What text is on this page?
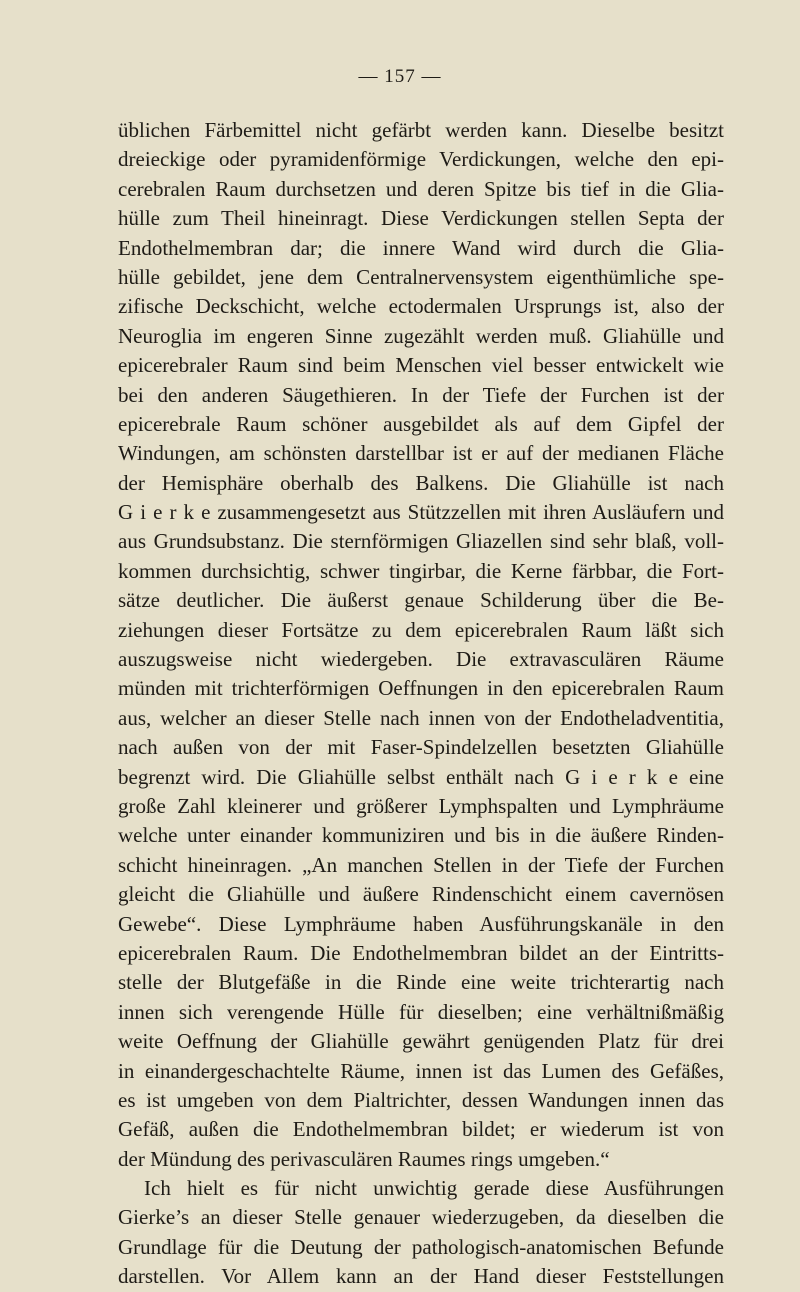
— 157 —
üblichen Färbemittel nicht gefärbt werden kann. Dieselbe besitzt
dreieckige oder pyramidenförmige Verdickungen, welche den epi-
cerebralen Raum durchsetzen und deren Spitze bis tief in die Glia-
hülle zum Theil hineinragt. Diese Verdickungen stellen Septa der
Endothelmembran dar; die innere Wand wird durch die Glia-
hülle gebildet, jene dem Centralnervensystem eigenthümliche spe-
zifische Deckschicht, welche ectodermalen Ursprungs ist, also der
Neuroglia im engeren Sinne zugezählt werden muß. Gliahülle und
epicerebraler Raum sind beim Menschen viel besser entwickelt wie
bei den anderen Säugethieren. In der Tiefe der Furchen ist der
epicerebrale Raum schöner ausgebildet als auf dem Gipfel der
Windungen, am schönsten darstellbar ist er auf der medianen Fläche
der Hemisphäre oberhalb des Balkens. Die Gliahülle ist nach
G i e r k e zusammengesetzt aus Stützzellen mit ihren Ausläufern und
aus Grundsubstanz. Die sternförmigen Gliazellen sind sehr blaß, voll-
kommen durchsichtig, schwer tingirbar, die Kerne färbbar, die Fort-
sätze deutlicher. Die äußerst genaue Schilderung über die Be-
ziehungen dieser Fortsätze zu dem epicerebralen Raum läßt sich
auszugsweise nicht wiedergeben. Die extravasculären Räume
münden mit trichterförmigen Oeffnungen in den epicerebralen Raum
aus, welcher an dieser Stelle nach innen von der Endotheladventitia,
nach außen von der mit Faser-Spindelzellen besetzten Gliahülle
begrenzt wird. Die Gliahülle selbst enthält nach G i e r k e eine
große Zahl kleinerer und größerer Lymphspalten und Lymphräume
welche unter einander kommuniziren und bis in die äußere Rinden-
schicht hineinragen. „An manchen Stellen in der Tiefe der Furchen
gleicht die Gliahülle und äußere Rindenschicht einem cavernösen
Gewebe“. Diese Lymphräume haben Ausführungskanäle in den
epicerebralen Raum. Die Endothelmembran bildet an der Eintritts-
stelle der Blutgefäße in die Rinde eine weite trichterartig nach
innen sich verengende Hülle für dieselben; eine verhältnißmäßig
weite Oeffnung der Gliahülle gewährt genügenden Platz für drei
in einandergeschachtelte Räume, innen ist das Lumen des Gefäßes,
es ist umgeben von dem Pialtrichter, dessen Wandungen innen das
Gefäß, außen die Endothelmembran bildet; er wiederum ist von
der Mündung des perivasculären Raumes rings umgeben.“
Ich hielt es für nicht unwichtig gerade diese Ausführungen
Gierke’s an dieser Stelle genauer wiederzugeben, da dieselben die
Grundlage für die Deutung der pathologisch-anatomischen Befunde
darstellen. Vor Allem kann an der Hand dieser Feststellungen
